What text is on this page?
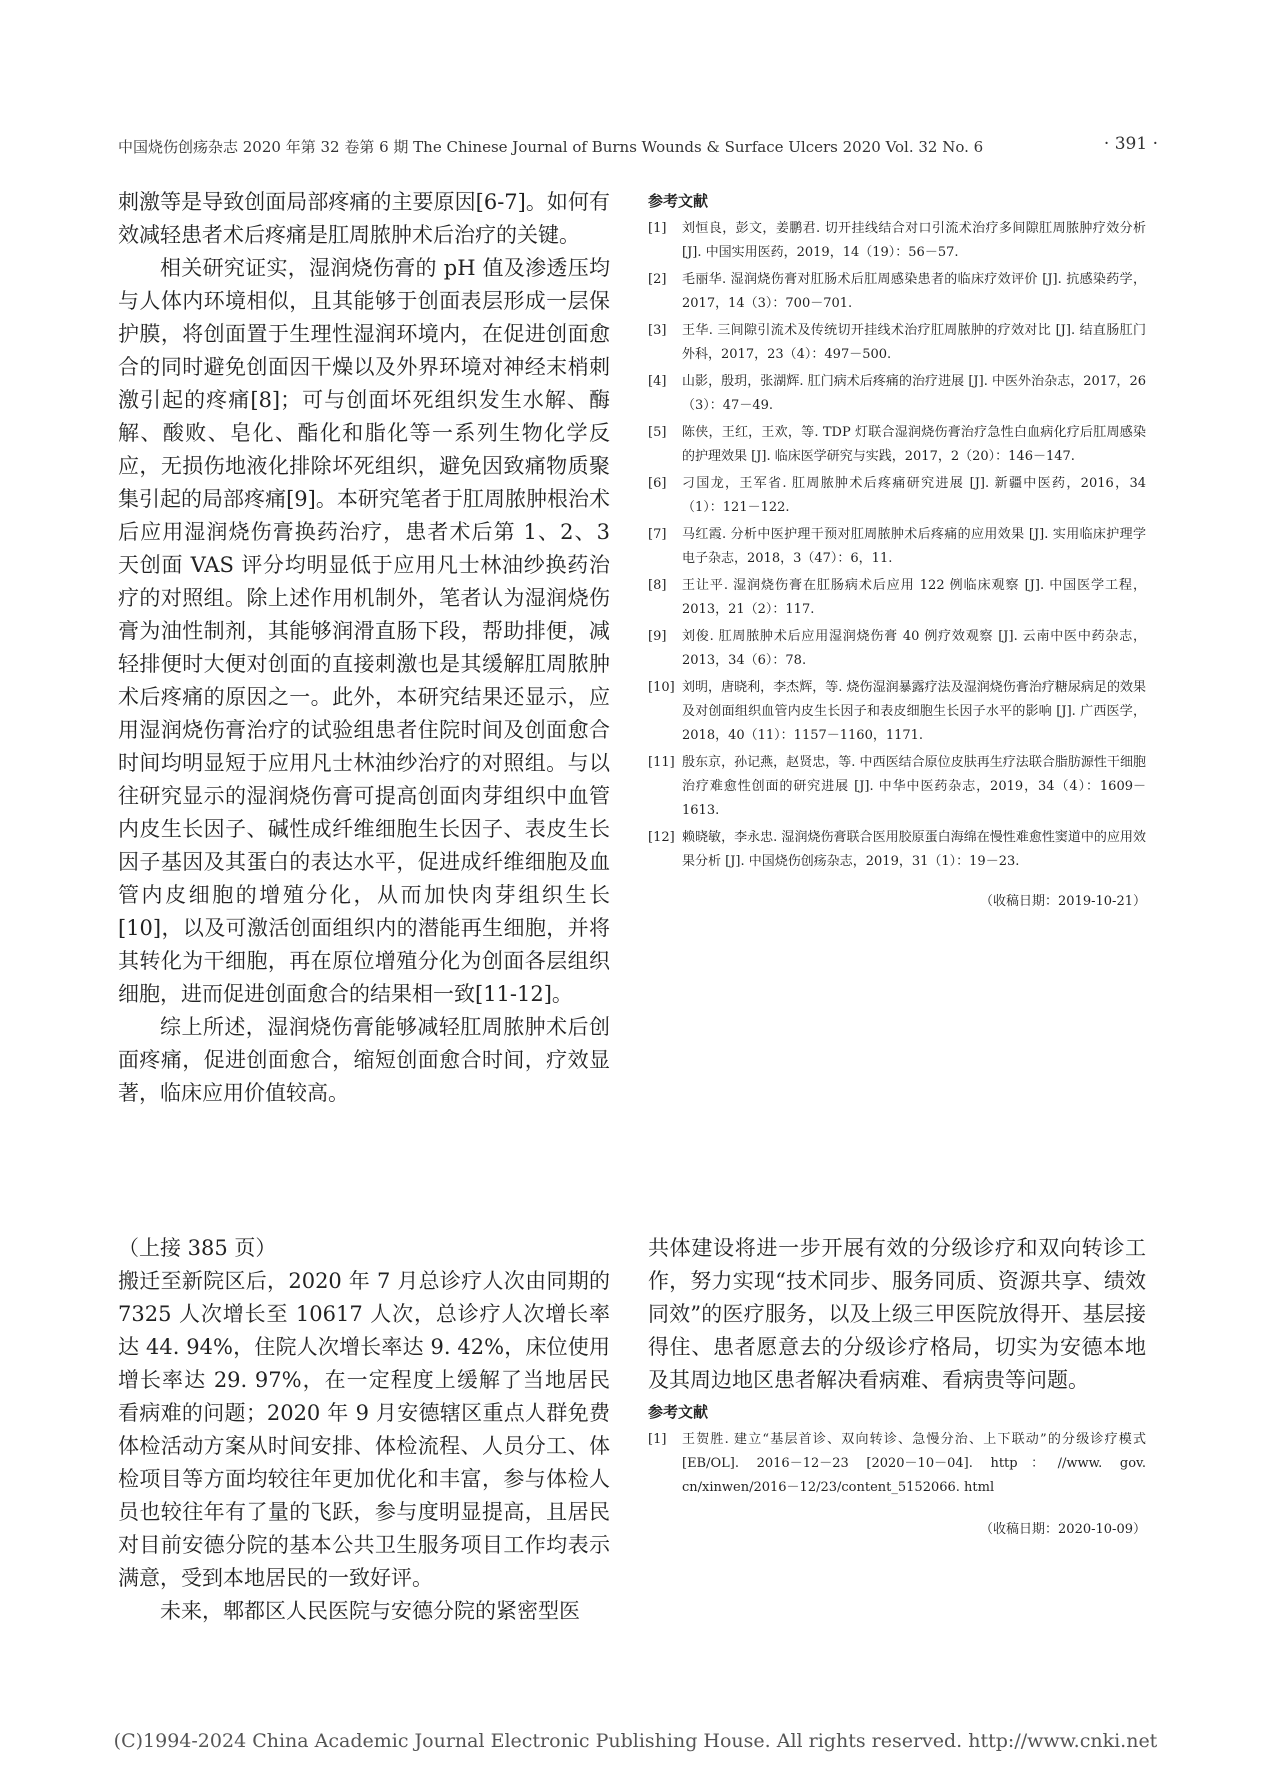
中国烧伤创疡杂志 2020 年第 32 卷第 6 期 The Chinese Journal of Burns Wounds & Surface Ulcers 2020 Vol. 32 No. 6	· 391 ·

刺激等是导致创面局部疼痛的主要原因[6-7]。如何有效减轻患者术后疼痛是肛周脓肿术后治疗的关键。

相关研究证实，湿润烧伤膏的 pH 值及渗透压均与人体内环境相似，且其能够于创面表层形成一层保护膜，将创面置于生理性湿润环境内，在促进创面愈合的同时避免创面因干燥以及外界环境对神经末梢刺激引起的疼痛[8]；可与创面坏死组织发生水解、酶解、酸败、皂化、酯化和脂化等一系列生物化学反应，无损伤地液化排除坏死组织，避免因致痛物质聚集引起的局部疼痛[9]。本研究笔者于肛周脓肿根治术后应用湿润烧伤膏换药治疗，患者术后第 1、2、3 天创面 VAS 评分均明显低于应用凡士林油纱换药治疗的对照组。除上述作用机制外，笔者认为湿润烧伤膏为油性制剂，其能够润滑直肠下段，帮助排便，减轻排便时大便对创面的直接刺激也是其缓解肛周脓肿术后疼痛的原因之一。此外，本研究结果还显示，应用湿润烧伤膏治疗的试验组患者住院时间及创面愈合时间均明显短于应用凡士林油纱治疗的对照组。与以往研究显示的湿润烧伤膏可提高创面肉芽组织中血管内皮生长因子、碱性成纤维细胞生长因子、表皮生长因子基因及其蛋白的表达水平，促进成纤维细胞及血管内皮细胞的增殖分化，从而加快肉芽组织生长[10]，以及可激活创面组织内的潜能再生细胞，并将其转化为干细胞，再在原位增殖分化为创面各层组织细胞，进而促进创面愈合的结果相一致[11-12]。

综上所述，湿润烧伤膏能够减轻肛周脓肿术后创面疼痛，促进创面愈合，缩短创面愈合时间，疗效显著，临床应用价值较高。

参考文献
[1]	刘恒良，彭文，姜鹏君. 切开挂线结合对口引流术治疗多间隙肛周脓肿疗效分析 [J]. 中国实用医药，2019，14（19）：56－57.
[2]	毛丽华. 湿润烧伤膏对肛肠术后肛周感染患者的临床疗效评价 [J]. 抗感染药学，2017，14（3）：700－701.
[3]	王华. 三间隙引流术及传统切开挂线术治疗肛周脓肿的疗效对比 [J]. 结直肠肛门外科，2017，23（4）：497－500.
[4]	山影，殷玥，张湖辉. 肛门病术后疼痛的治疗进展 [J]. 中医外治杂志，2017，26（3）：47－49.
[5]	陈侠，王红，王欢，等. TDP 灯联合湿润烧伤膏治疗急性白血病化疗后肛周感染的护理效果 [J]. 临床医学研究与实践，2017，2（20）：146－147.
[6]	刁国龙，王军省. 肛周脓肿术后疼痛研究进展 [J]. 新疆中医药，2016，34（1）：121－122.
[7]	马红霞. 分析中医护理干预对肛周脓肿术后疼痛的应用效果 [J]. 实用临床护理学电子杂志，2018，3（47）：6，11.
[8]	王让平. 湿润烧伤膏在肛肠病术后应用 122 例临床观察 [J]. 中国医学工程，2013，21（2）：117.
[9]	刘俊. 肛周脓肿术后应用湿润烧伤膏 40 例疗效观察 [J]. 云南中医中药杂志，2013，34（6）：78.
[10] 刘明，唐晓利，李杰辉，等. 烧伤湿润暴露疗法及湿润烧伤膏治疗糖尿病足的效果及对创面组织血管内皮生长因子和表皮细胞生长因子水平的影响 [J]. 广西医学，2018，40（11）：1157－1160，1171.
[11] 殷东京，孙记燕，赵贤忠，等. 中西医结合原位皮肤再生疗法联合脂肪源性干细胞治疗难愈性创面的研究进展 [J]. 中华中医药杂志，2019，34（4）：1609－1613.
[12] 赖晓敏，李永忠. 湿润烧伤膏联合医用胶原蛋白海绵在慢性难愈性窦道中的应用效果分析 [J]. 中国烧伤创疡杂志，2019，31（1）：19－23.
（收稿日期：2019-10-21）

（上接 385 页）

搬迁至新院区后，2020 年 7 月总诊疗人次由同期的 7325 人次增长至 10617 人次，总诊疗人次增长率达 44. 94%，住院人次增长率达 9. 42%，床位使用增长率达 29. 97%，在一定程度上缓解了当地居民看病难的问题；2020 年 9 月安德辖区重点人群免费体检活动方案从时间安排、体检流程、人员分工、体检项目等方面均较往年更加优化和丰富，参与体检人员也较往年有了量的飞跃，参与度明显提高，且居民对目前安德分院的基本公共卫生服务项目工作均表示满意，受到本地居民的一致好评。

未来，郫都区人民医院与安德分院的紧密型医

共体建设将进一步开展有效的分级诊疗和双向转诊工作，努力实现“技术同步、服务同质、资源共享、绩效同效”的医疗服务，以及上级三甲医院放得开、基层接得住、患者愿意去的分级诊疗格局，切实为安德本地及其周边地区患者解决看病难、看病贵等问题。

参考文献
[1]	王贺胜. 建立“基层首诊、双向转诊、急慢分治、上下联动”的分级诊疗模式 [EB/OL]. 2016－12－23 [2020－10－04]. http：//www. gov. cn/xinwen/2016－12/23/content_5152066. html
（收稿日期：2020-10-09）
(C)1994-2024 China Academic Journal Electronic Publishing House. All rights reserved. http://www.cnki.net
